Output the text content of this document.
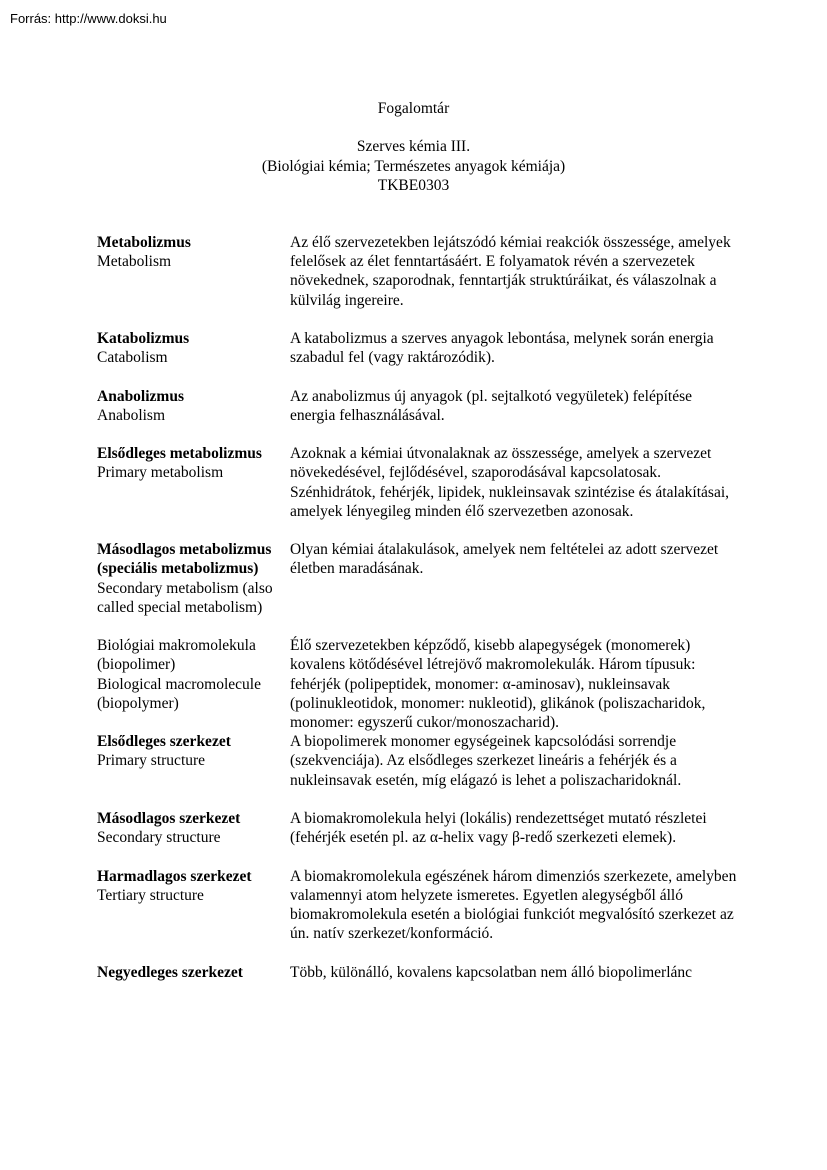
Forrás: http://www.doksi.hu
Fogalomtár
Szerves kémia III.
(Biológiai kémia; Természetes anyagok kémiája)
TKBE0303
Metabolizmus
Metabolism
Az élő szervezetekben lejátszódó kémiai reakciók összessége, amelyek felelősek az élet fenntartásáért. E folyamatok révén a szervezetek növekednek, szaporodnak, fenntartják struktúráikat, és válaszolnak a külvilág ingereire.
Katabolizmus
Catabolism
A katabolizmus a szerves anyagok lebontása, melynek során energia szabadul fel (vagy raktározódik).
Anabolizmus
Anabolism
Az anabolizmus új anyagok (pl. sejtalkotó vegyületek) felépítése energia felhasználásával.
Elsődleges metabolizmus
Primary metabolism
Azoknak a kémiai útvonalaknak az összessége, amelyek a szervezet növekedésével, fejlődésével, szaporodásával kapcsolatosak. Szénhidrátok, fehérjék, lipidek, nukleinsavak szintézise és átalakításai, amelyek lényegileg minden élő szervezetben azonosak.
Másodlagos metabolizmus (speciális metabolizmus)
Secondary metabolism (also called special metabolism)
Olyan kémiai átalakulások, amelyek nem feltételei az adott szervezet életben maradásának.
Biológiai makromolekula (biopolimer)
Biological macromolecule (biopolymer)
Élő szervezetekben képződő, kisebb alapegységek (monomerek) kovalens kötődésével létrejövő makromolekulák. Három típusuk: fehérjék (polipeptidek, monomer: α-aminosav), nukleinsavak (polinukleotidok, monomer: nukleotid), glikánok (poliszacharidok, monomer: egyszerű cukor/monoszacharid).
Elsődleges szerkezet
Primary structure
A biopolimerek monomer egységeinek kapcsolódási sorrendje (szekvenciája). Az elsődleges szerkezet lineáris a fehérjék és a nukleinsavak esetén, míg elágazó is lehet a poliszacharidoknál.
Másodlagos szerkezet
Secondary structure
A biomakromolekula helyi (lokális) rendezettséget mutató részletei (fehérjék esetén pl. az α-helix vagy β-redő szerkezeti elemek).
Harmadlagos szerkezet
Tertiary structure
A biomakromolekula egészének három dimenziós szerkezete, amelyben valamennyi atom helyzete ismeretes. Egyetlen alegységből álló biomakromolekula esetén a biológiai funkciót megvalósító szerkezet az ún. natív szerkezet/konformáció.
Negyedleges szerkezet	Több, különálló, kovalens kapcsolatban nem álló biopolimerlánc
